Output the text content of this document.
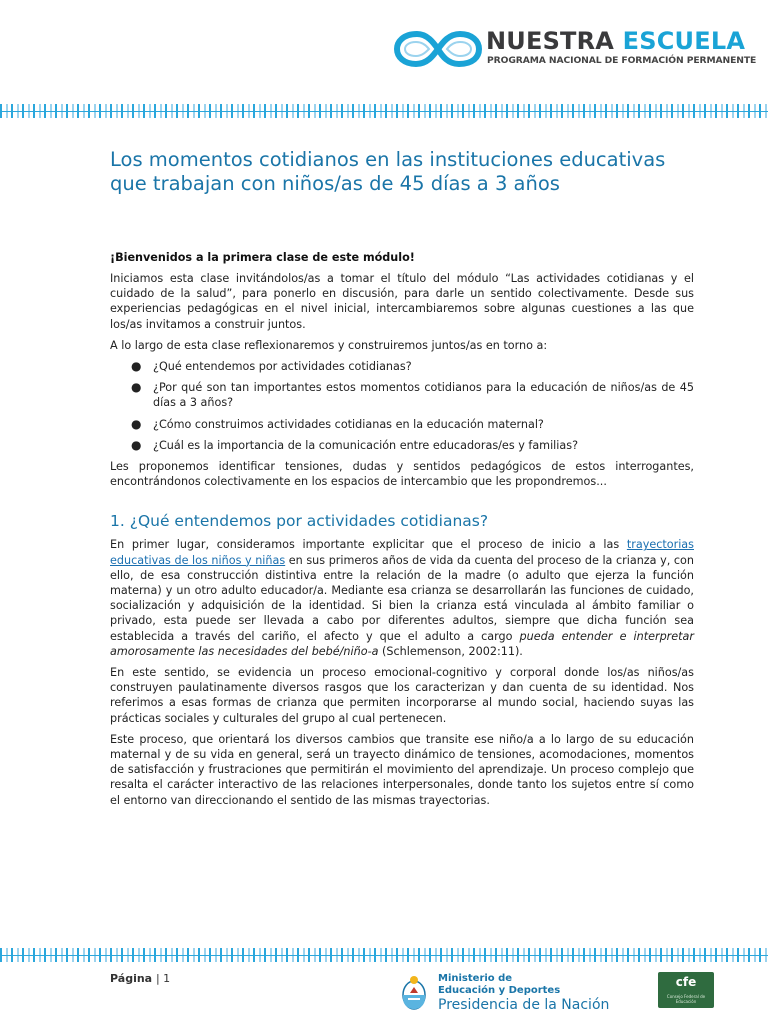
NUESTRA ESCUELA
PROGRAMA NACIONAL DE FORMACIÓN PERMANENTE
Los momentos cotidianos en las instituciones educativas que trabajan con niños/as de 45 días a 3 años
¡Bienvenidos a la primera clase de este módulo!

Iniciamos esta clase invitándolos/as a tomar el título del módulo “Las actividades cotidianas y el cuidado de la salud”, para ponerlo en discusión, para darle un sentido colectivamente. Desde sus experiencias pedagógicas en el nivel inicial, intercambiaremos sobre algunas cuestiones a las que los/as invitamos a construir juntos.

A lo largo de esta clase reflexionaremos y construiremos juntos/as en torno a:

● ¿Qué entendemos por actividades cotidianas?
● ¿Por qué son tan importantes estos momentos cotidianos para la educación de niños/as de 45 días a 3 años?
● ¿Cómo construimos actividades cotidianas en la educación maternal?
● ¿Cuál es la importancia de la comunicación entre educadoras/es y familias?

Les proponemos identificar tensiones, dudas y sentidos pedagógicos de estos interrogantes, encontrándonos colectivamente en los espacios de intercambio que les propondremos...

1. ¿Qué entendemos por actividades cotidianas?

En primer lugar, consideramos importante explicitar que el proceso de inicio a las trayectorias educativas de los niños y niñas en sus primeros años de vida da cuenta del proceso de la crianza y, con ello, de esa construcción distintiva entre la relación de la madre (o adulto que ejerza la función materna) y un otro adulto educador/a. Mediante esa crianza se desarrollarán las funciones de cuidado, socialización y adquisición de la identidad. Si bien la crianza está vinculada al ámbito familiar o privado, esta puede ser llevada a cabo por diferentes adultos, siempre que dicha función sea establecida a través del cariño, el afecto y que el adulto a cargo pueda entender e interpretar amorosamente las necesidades del bebé/niño-a (Schlemenson, 2002:11).

En este sentido, se evidencia un proceso emocional-cognitivo y corporal donde los/as niños/as construyen paulatinamente diversos rasgos que los caracterizan y dan cuenta de su identidad. Nos referimos a esas formas de crianza que permiten incorporarse al mundo social, haciendo suyas las prácticas sociales y culturales del grupo al cual pertenecen.

Este proceso, que orientará los diversos cambios que transite ese niño/a a lo largo de su educación maternal y de su vida en general, será un trayecto dinámico de tensiones, acomodaciones, momentos de satisfacción y frustraciones que permitirán el movimiento del aprendizaje. Un proceso complejo que resalta el carácter interactivo de las relaciones interpersonales, donde tanto los sujetos entre sí como el entorno van direccionando el sentido de las mismas trayectorias.

Página | 1	Ministerio de
Educación y Deportes
Presidencia de la Nación
cfe
Consejo Federal de Educación
